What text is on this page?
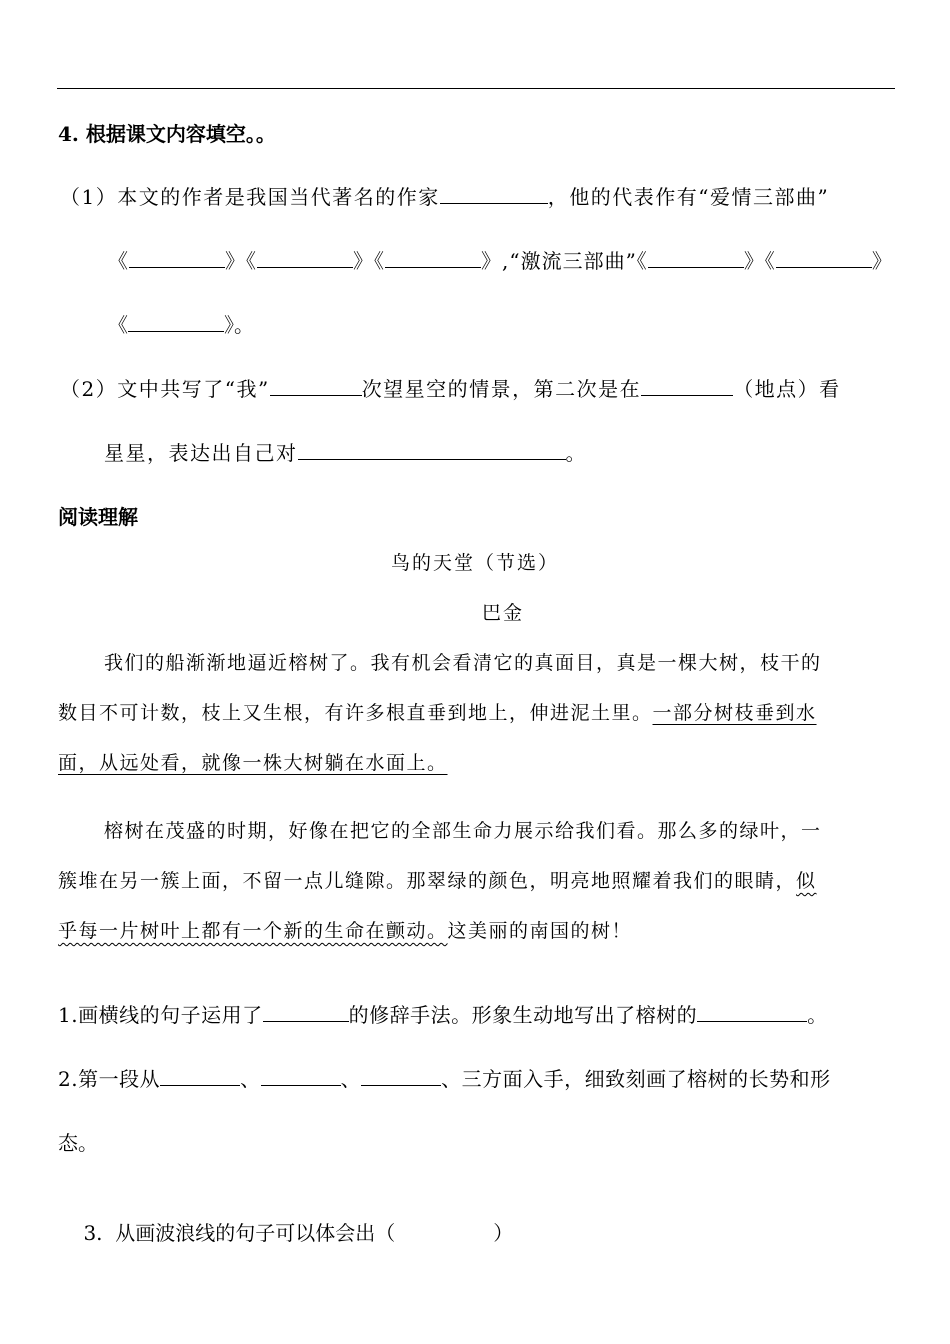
4. 根据课文内容填空。。
（1）本文的作者是我国当代著名的作家	，他的代表作有“爱情三部曲”
《	》《	》《	》,“激流三部曲”《	》《	》
《	》。
（2）文中共写了“我”	次望星空的情景，第二次是在	（地点）看
星星，表达出自己对	。
阅读理解
鸟的天堂（节选）
巴金
我们的船渐渐地逼近榕树了。我有机会看清它的真面目，真是一棵大树，枝干的
数目不可计数，枝上又生根，有许多根直垂到地上，伸进泥土里。一部分树枝垂到水
面，从远处看，就像一株大树躺在水面上。
榕树在茂盛的时期，好像在把它的全部生命力展示给我们看。那么多的绿叶，一
簇堆在另一簇上面，不留一点儿缝隙。那翠绿的颜色，明亮地照耀着我们的眼睛，似
乎每一片树叶上都有一个新的生命在颤动。这美丽的南国的树！
1.画横线的句子运用了	的修辞手法。形象生动地写出了榕树的	。
2.第一段从	、	、	、三方面入手，细致刻画了榕树的长势和形
态。

3.  从画波浪线的句子可以体会出（	）
